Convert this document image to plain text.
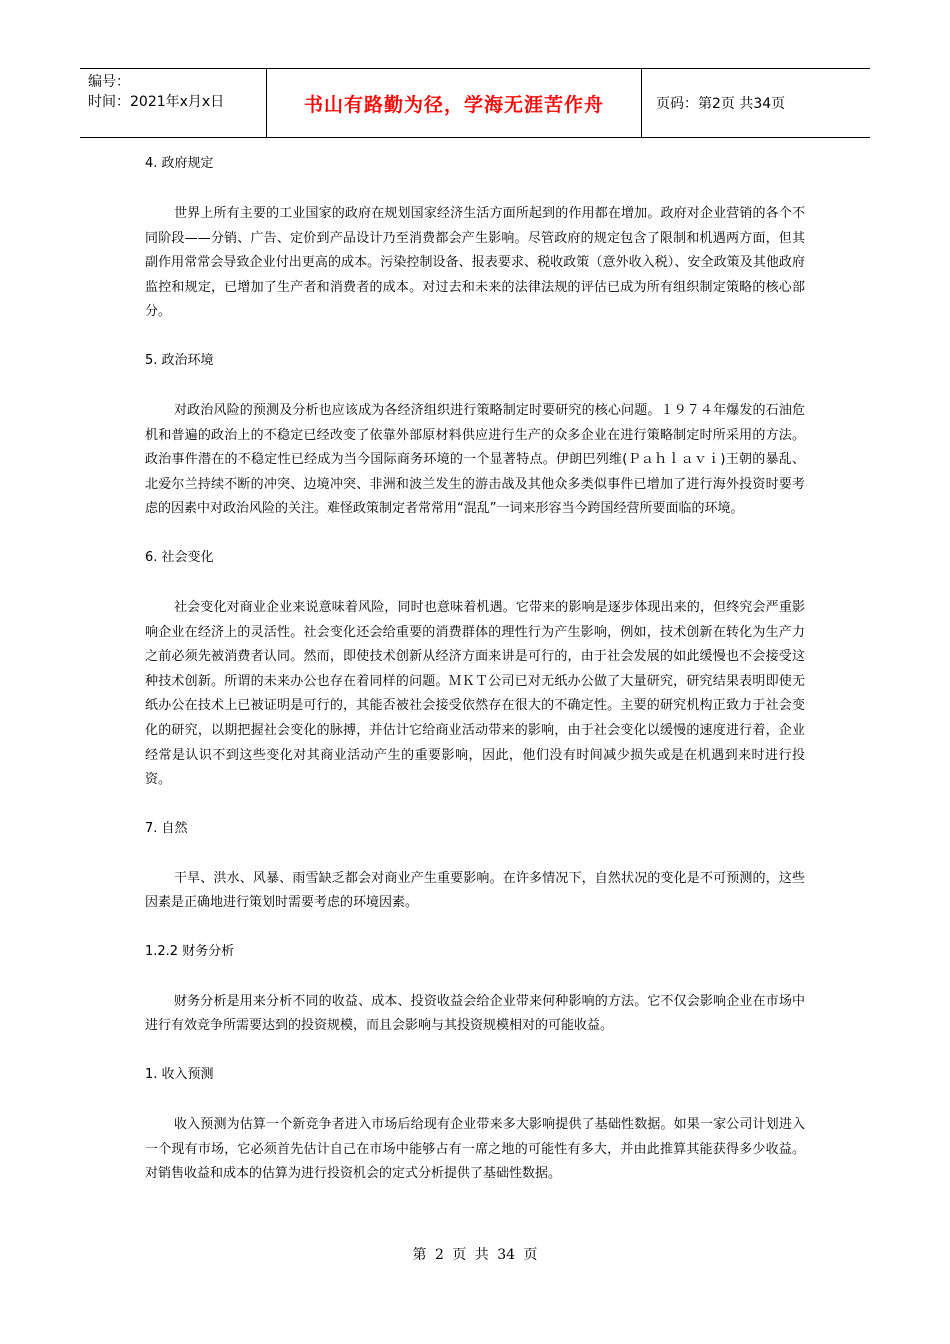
编号：
时间：2021年x月x日	书山有路勤为径，学海无涯苦作舟	页码：第2页 共34页
4. 政府规定

世界上所有主要的工业国家的政府在规划国家经济生活方面所起到的作用都在增加。政府对企业营销的各个不同阶段——分销、广告、定价到产品设计乃至消费都会产生影响。尽管政府的规定包含了限制和机遇两方面，但其副作用常常会导致企业付出更高的成本。污染控制设备、报表要求、税收政策（意外收入税）、安全政策及其他政府监控和规定，已增加了生产者和消费者的成本。对过去和未来的法律法规的评估已成为所有组织制定策略的核心部分。

5. 政治环境

对政治风险的预测及分析也应该成为各经济组织进行策略制定时要研究的核心问题。１９７４年爆发的石油危机和普遍的政治上的不稳定已经改变了依靠外部原材料供应进行生产的众多企业在进行策略制定时所采用的方法。政治事件潜在的不稳定性已经成为当今国际商务环境的一个显著特点。伊朗巴列维(Ｐａｈｌａｖｉ)王朝的暴乱、北爱尔兰持续不断的冲突、边境冲突、非洲和波兰发生的游击战及其他众多类似事件已增加了进行海外投资时要考虑的因素中对政治风险的关注。难怪政策制定者常常用“混乱”一词来形容当今跨国经营所要面临的环境。

6. 社会变化

社会变化对商业企业来说意味着风险，同时也意味着机遇。它带来的影响是逐步体现出来的，但终究会严重影响企业在经济上的灵活性。社会变化还会给重要的消费群体的理性行为产生影响，例如，技术创新在转化为生产力之前必须先被消费者认同。然而，即使技术创新从经济方面来讲是可行的，由于社会发展的如此缓慢也不会接受这种技术创新。所谓的未来办公也存在着同样的问题。ＭＫＴ公司已对无纸办公做了大量研究，研究结果表明即使无纸办公在技术上已被证明是可行的，其能否被社会接受依然存在很大的不确定性。主要的研究机构正致力于社会变化的研究，以期把握社会变化的脉搏，并估计它给商业活动带来的影响，由于社会变化以缓慢的速度进行着，企业经常是认识不到这些变化对其商业活动产生的重要影响，因此，他们没有时间减少损失或是在机遇到来时进行投资。

7. 自然

干旱、洪水、风暴、雨雪缺乏都会对商业产生重要影响。在许多情况下，自然状况的变化是不可预测的，这些因素是正确地进行策划时需要考虑的环境因素。

1.2.2 财务分析

财务分析是用来分析不同的收益、成本、投资收益会给企业带来何种影响的方法。它不仅会影响企业在市场中进行有效竞争所需要达到的投资规模，而且会影响与其投资规模相对的可能收益。

1. 收入预测

收入预测为估算一个新竞争者进入市场后给现有企业带来多大影响提供了基础性数据。如果一家公司计划进入一个现有市场，它必须首先估计自己在市场中能够占有一席之地的可能性有多大，并由此推算其能获得多少收益。对销售收益和成本的估算为进行投资机会的定式分析提供了基础性数据。

第 2 页 共 34 页
